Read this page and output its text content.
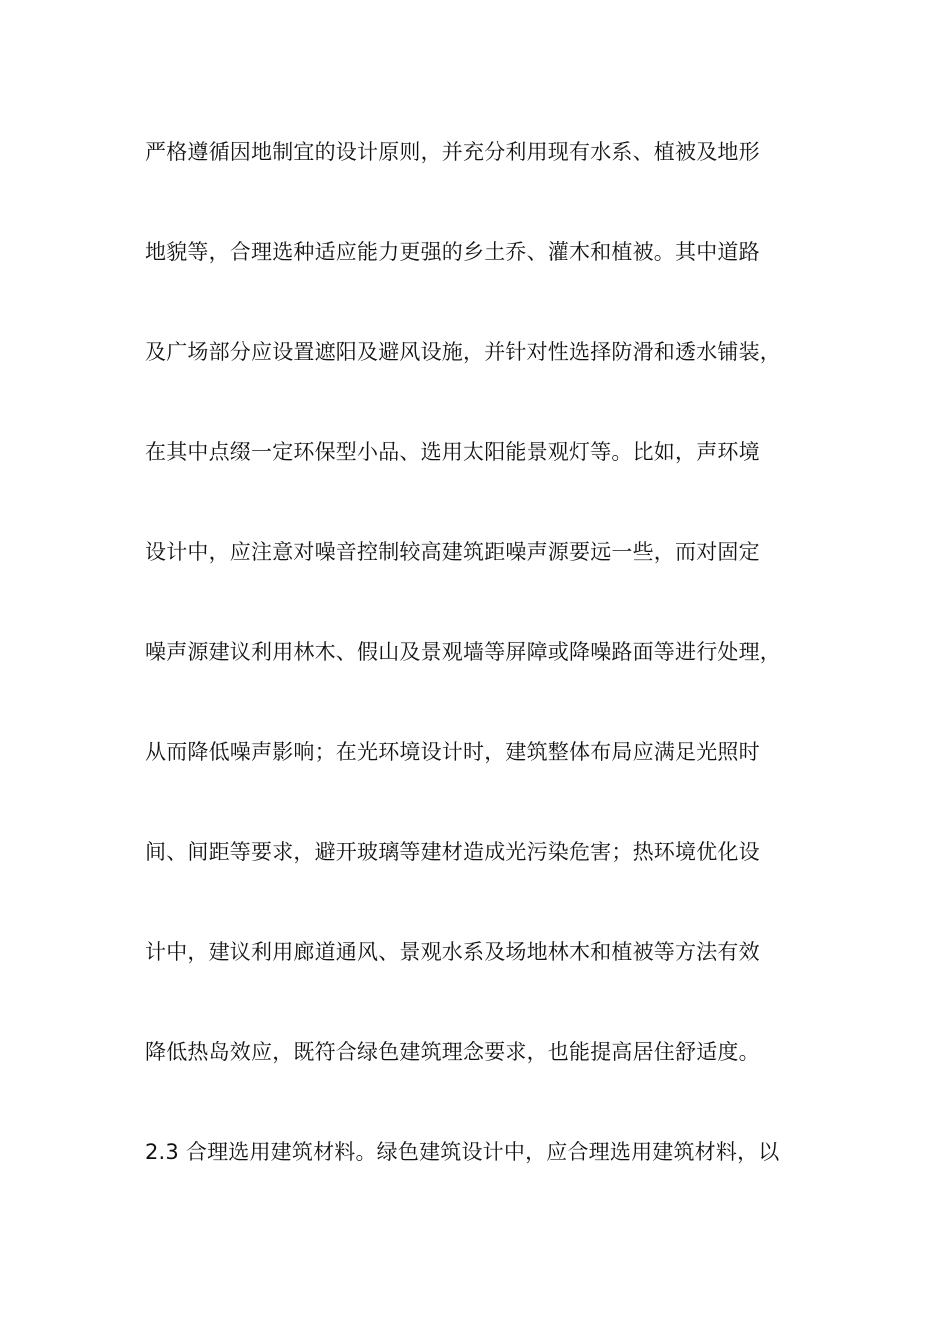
严格遵循因地制宜的设计原则，并充分利用现有水系、植被及地形
地貌等，合理选种适应能力更强的乡土乔、灌木和植被。其中道路
及广场部分应设置遮阳及避风设施，并针对性选择防滑和透水铺装，
在其中点缀一定环保型小品、选用太阳能景观灯等。比如，声环境
设计中，应注意对噪音控制较高建筑距噪声源要远一些，而对固定
噪声源建议利用林木、假山及景观墙等屏障或降噪路面等进行处理，
从而降低噪声影响；在光环境设计时，建筑整体布局应满足光照时
间、间距等要求，避开玻璃等建材造成光污染危害；热环境优化设
计中，建议利用廊道通风、景观水系及场地林木和植被等方法有效
降低热岛效应，既符合绿色建筑理念要求，也能提高居住舒适度。
2.3 合理选用建筑材料。绿色建筑设计中，应合理选用建筑材料，以
